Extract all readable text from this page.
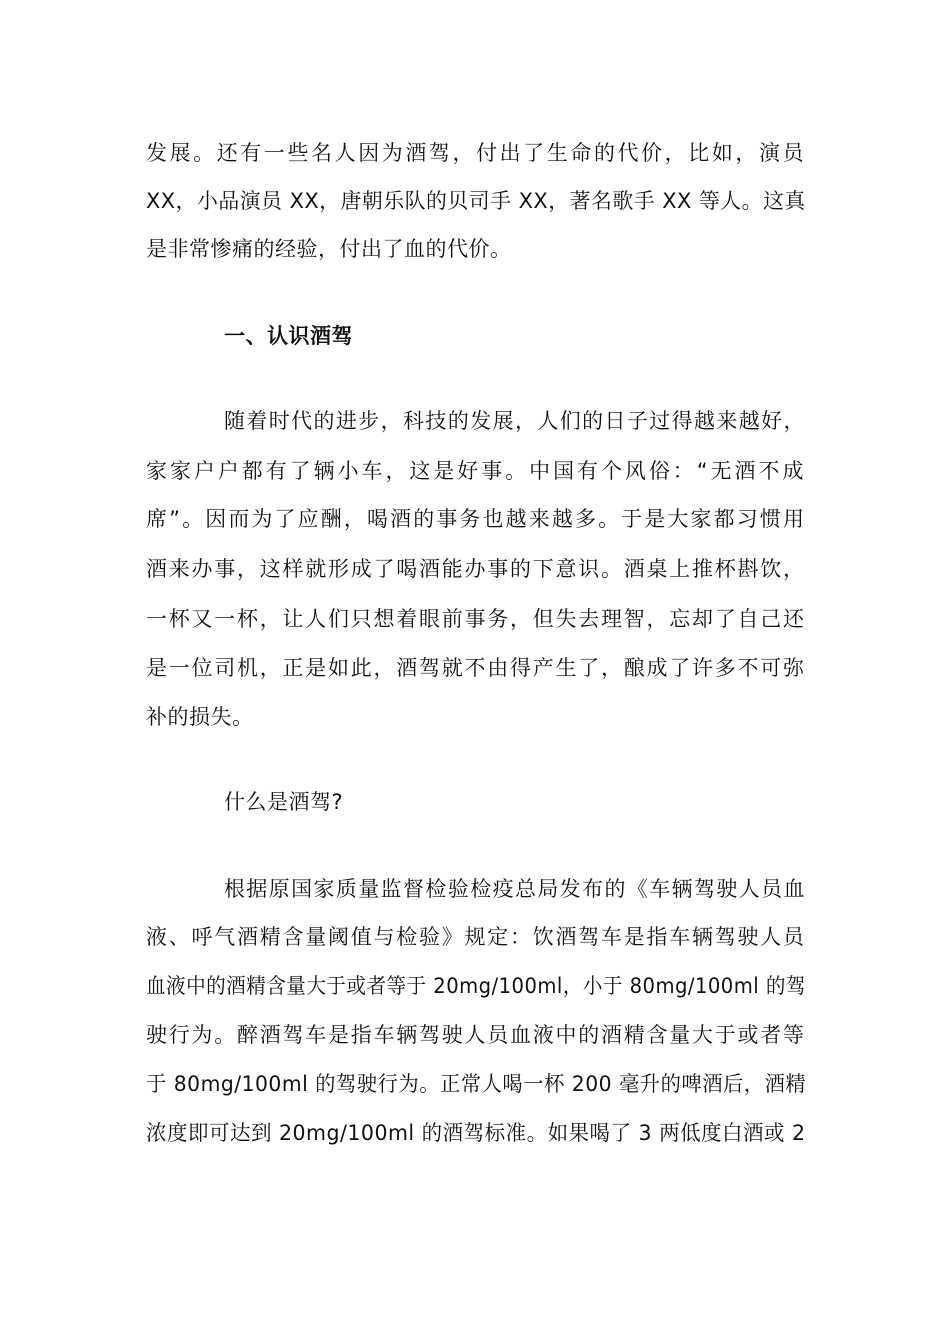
发展。还有一些名人因为酒驾，付出了生命的代价，比如，演员
XX，小品演员 XX，唐朝乐队的贝司手 XX，著名歌手 XX 等人。这真
是非常惨痛的经验，付出了血的代价。
一、认识酒驾
随着时代的进步，科技的发展，人们的日子过得越来越好，
家家户户都有了辆小车，这是好事。中国有个风俗：“无酒不成
席”。因而为了应酬，喝酒的事务也越来越多。于是大家都习惯用
酒来办事，这样就形成了喝酒能办事的下意识。酒桌上推杯斟饮，
一杯又一杯，让人们只想着眼前事务，但失去理智，忘却了自己还
是一位司机，正是如此，酒驾就不由得产生了，酿成了许多不可弥
补的损失。
什么是酒驾?
根据原国家质量监督检验检疫总局发布的《车辆驾驶人员血
液、呼气酒精含量阈值与检验》规定：饮酒驾车是指车辆驾驶人员
血液中的酒精含量大于或者等于 20mg/100ml，小于 80mg/100ml 的驾
驶行为。醉酒驾车是指车辆驾驶人员血液中的酒精含量大于或者等
于 80mg/100ml 的驾驶行为。正常人喝一杯 200 毫升的啤酒后，酒精
浓度即可达到 20mg/100ml 的酒驾标准。如果喝了 3 两低度白酒或 2
